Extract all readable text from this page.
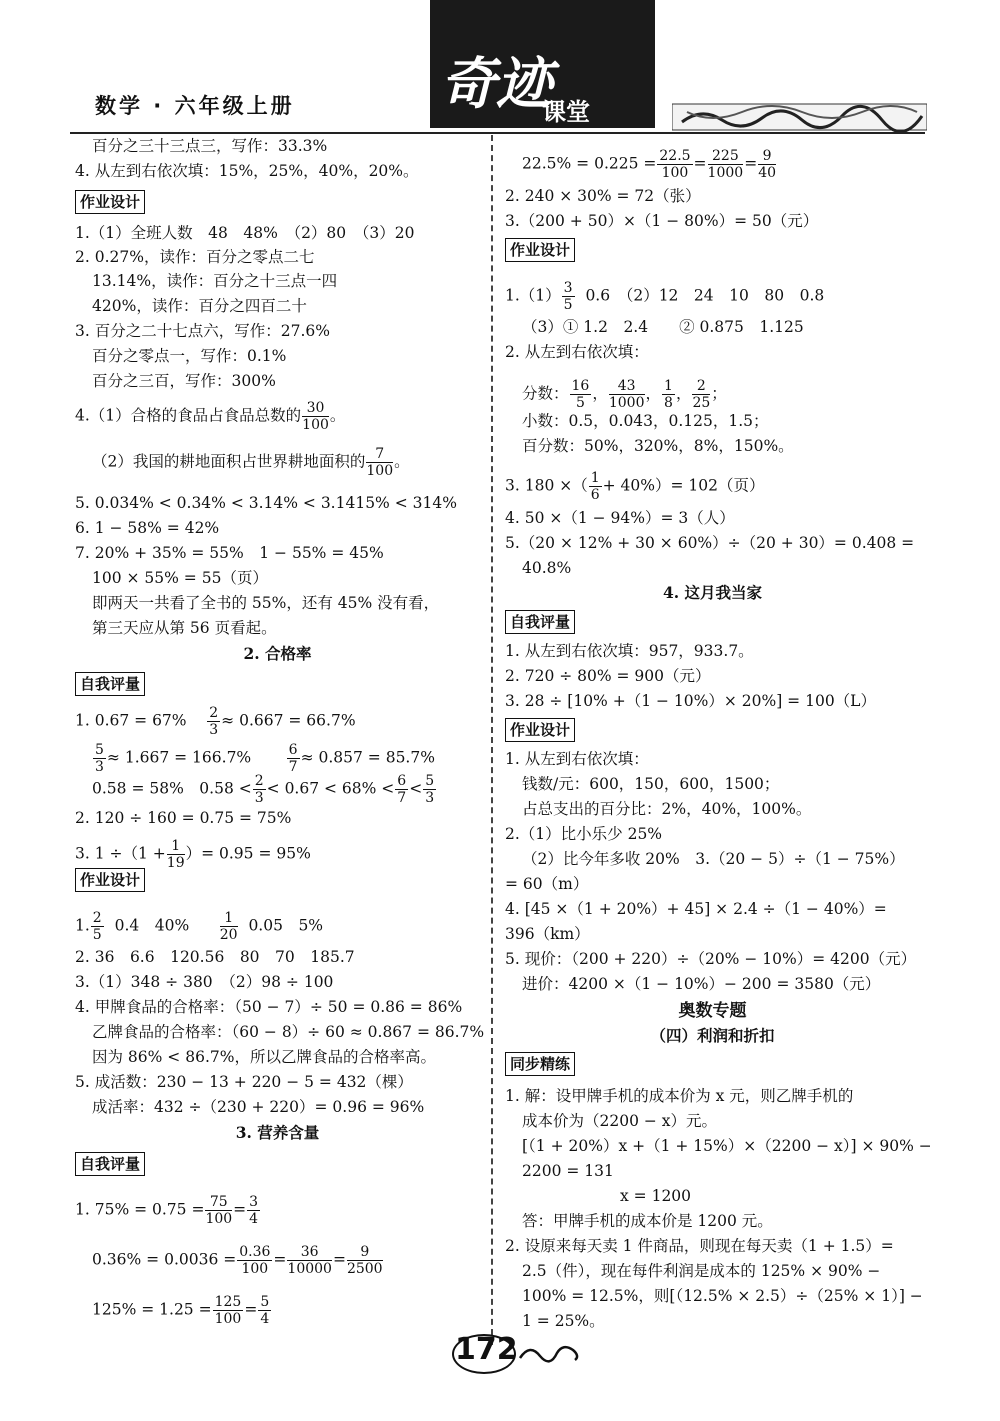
数学 · 六年级上册	奇迹
课堂
百分之三十三点三，写作：33.3%
4. 从左到右依次填：15%，25%，40%，20%。
作业设计
1.（1）全班人数　48　48%　（2）80　（3）20
2. 0.27%，读作：百分之零点二七
13.14%，读作：百分之十三点一四
420%，读作：百分之四百二十
3. 百分之二十七点六，写作：27.6%
百分之零点一，写作：0.1%
百分之三百，写作：300%
4.（1）合格的食品占食品总数的 $\frac{30}{100}$ 。
（2）我国的耕地面积占世界耕地面积的 $\frac{7}{100}$ 。
5. 0.034% < 0.34% < 3.14% < 3.1415% < 314%
6. 1 − 58% = 42%
7. 20% + 35% = 55%　1 − 55% = 45%
100 × 55% = 55（页）
即两天一共看了全书的 55%，还有 45% 没有看，
第三天应从第 56 页看起。
2. 合格率
自我评量
1. $0.67 = 67\% \frac{2}{3} \approx 0.667 = 66.7\%$
$\frac{5}{3} \approx 1.667 = 166.7\%$	$\frac{6}{7} \approx 0.857 = 85.7\%$
0.58 = 58%　$0.58 < \frac{2}{3} < 0.67 < 68\% < \frac{6}{7} < \frac{5}{3}$
2. 120 ÷ 160 = 0.75 = 75%
3. $1 \div(1 + \frac{1}{19}$ ）= 0.95 = 95%
作业设计
1. $\frac{2}{5} 0.4$　$40\% \frac{1}{20} 0.05$　5%
2. 36　6.6　120.56　80　70　185.7
3.（1）348 ÷ 380　（2）98 ÷ 100
4. 甲牌食品的合格率：（50 − 7）÷ 50 = 0.86 = 86%
乙牌食品的合格率：（60 − 8）÷ 60 ≈ 0.867 = 86.7%
因为 86% < 86.7%，所以乙牌食品的合格率高。
5. 成活数：230 − 13 + 220 − 5 = 432（棵）
成活率：432 ÷（230 + 220）= 0.96 = 96%
3. 营养含量
自我评量
1. $75\% = 0.75 = \frac{75}{100} = \frac{3}{4}$
$0.36\% = 0.0036 = \frac{0.36}{100} = \frac{36}{10000} = \frac{9}{2500}$
$125\% = 1.25 = \frac{125}{100} = \frac{5}{4}$
$22.5\% = 0.225 = \frac{22.5}{100} = \frac{225}{1000} = \frac{9}{40}$
2. 240 × 30% = 72（张）
3.（200 + 50）×（1 − 80%）= 50（元）
作业设计
$1.(1) \frac{3}{5} 0.6$　（2）12　24　10　80　0.8
（3）① 1.2　2.4　　② 0.875　1.125
2. 从左到右依次填：
分数： $\frac{16}{5}$ ， $\frac{43}{1000}$ ， $\frac{1}{8}$ ， $\frac{2}{25}$ ；
小数：0.5，0.043，0.125，1.5；
百分数：50%，320%，8%，150%。
3. 180 ×（ $\frac{1}{6} + 40\%)= 102$（页）
4. 50 ×（1 − 94%）= 3（人）
5.（20 × 12% + 30 × 60%）÷（20 + 30）= 0.408 =
40.8%
4. 这月我当家
自我评量
1. 从左到右依次填：957，933.7。
2. 720 ÷ 80% = 900（元）
3. 28 ÷ [10% +（1 − 10%）× 20%] = 100（L）
作业设计
1. 从左到右依次填：
钱数/元：600，150，600，1500；
占总支出的百分比：2%，40%，100%。
2.（1）比小乐少 25%
（2）比今年多收 20%　3.（20 − 5）÷（1 − 75%）
= 60（m）
4. [45 ×（1 + 20%）+ 45] × 2.4 ÷（1 − 40%）=
396（km）
5. 现价：（200 + 220）÷（20% − 10%）= 4200（元）
进价：4200 ×（1 − 10%）− 200 = 3580（元）
奥数专题
（四）利润和折扣
同步精练
1. 解：设甲牌手机的成本价为 x 元，则乙牌手机的
成本价为（2200 − x）元。
[（1 + 20%）x +（1 + 15%）×（2200 − x）] × 90% −
2200 = 131
x = 1200
答：甲牌手机的成本价是 1200 元。
2. 设原来每天卖 1 件商品，则现在每天卖（1 + 1.5）=
2.5（件），现在每件利润是成本的 125% × 90% −
100% = 12.5%，则[（12.5% × 2.5）÷（25% × 1）] −
1 = 25%。
172
